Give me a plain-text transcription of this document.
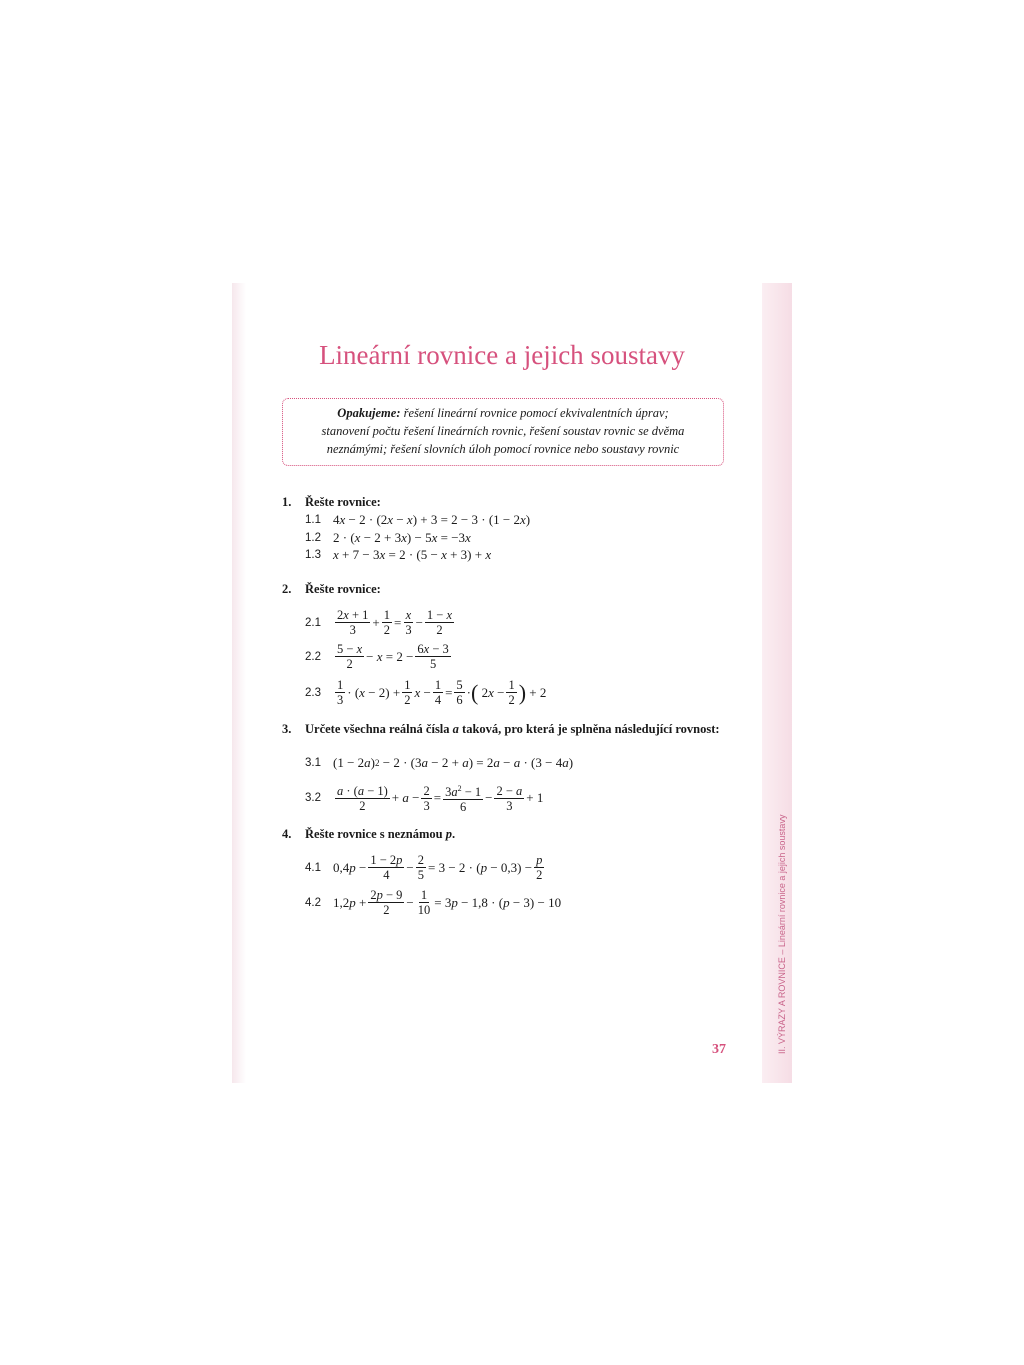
II. VÝRAZY A ROVNICE – Lineární rovnice a jejich soustavy
Lineární rovnice a jejich soustavy
Opakujeme: řešení lineární rovnice pomocí ekvivalentních úprav;
stanovení počtu řešení lineárních rovnic, řešení soustav rovnic se dvěma
neznámými; řešení slovních úloh pomocí rovnice nebo soustavy rovnic
1. Řešte rovnice:
1.1 4 x − 2 · (2 x − x ) + 3 = 2 − 3 · (1 − 2 x )
1.2 2 · ( x − 2 + 3 x ) − 5 x = −3 x
1.3 x + 7 − 3 x = 2 · (5 − x + 3) + x
2. Řešte rovnice:
2.1	$\frac{2x + 1}{3} + \frac{1}{2} = \frac{x}{3} - \frac{1 - x}{2}$
2.2	$\frac{5 - x}{2} - x = 2 - \frac{6x - 3}{5}$
2.3	$\frac{1}{3}$ · ( $x - 2) + \frac{1}{2}$ $x - \frac{1}{4} = \frac{5}{6}$ · ( 2 $x - \frac{1}{2}$ ) + 2
3. Určete všechna reálná čísla a taková, pro která je splněna následující rovnost:
3.1 (1 − 2 a ) 2 − 2 · (3 a − 2 + a ) = 2 a − a · (3 − 4 a )
3.2	$\frac{a \cdot (a - 1)}{2} + a - \frac{2}{3} = \frac{3a^2 - 1}{6} - \frac{2 - a}{3} + 1$
4. Řešte rovnice s neznámou p.
4.1 0,4 $p - \frac{1 - 2p}{4} - \frac{2}{5} = 3 - 2$ · ( $p - 0,3) - \frac{p}{2}$
4.2 1,2 $p + \frac{2p - 9}{2} - \frac{1}{10} = 3$ p − 1,8 · ( p − 3) − 10
37
